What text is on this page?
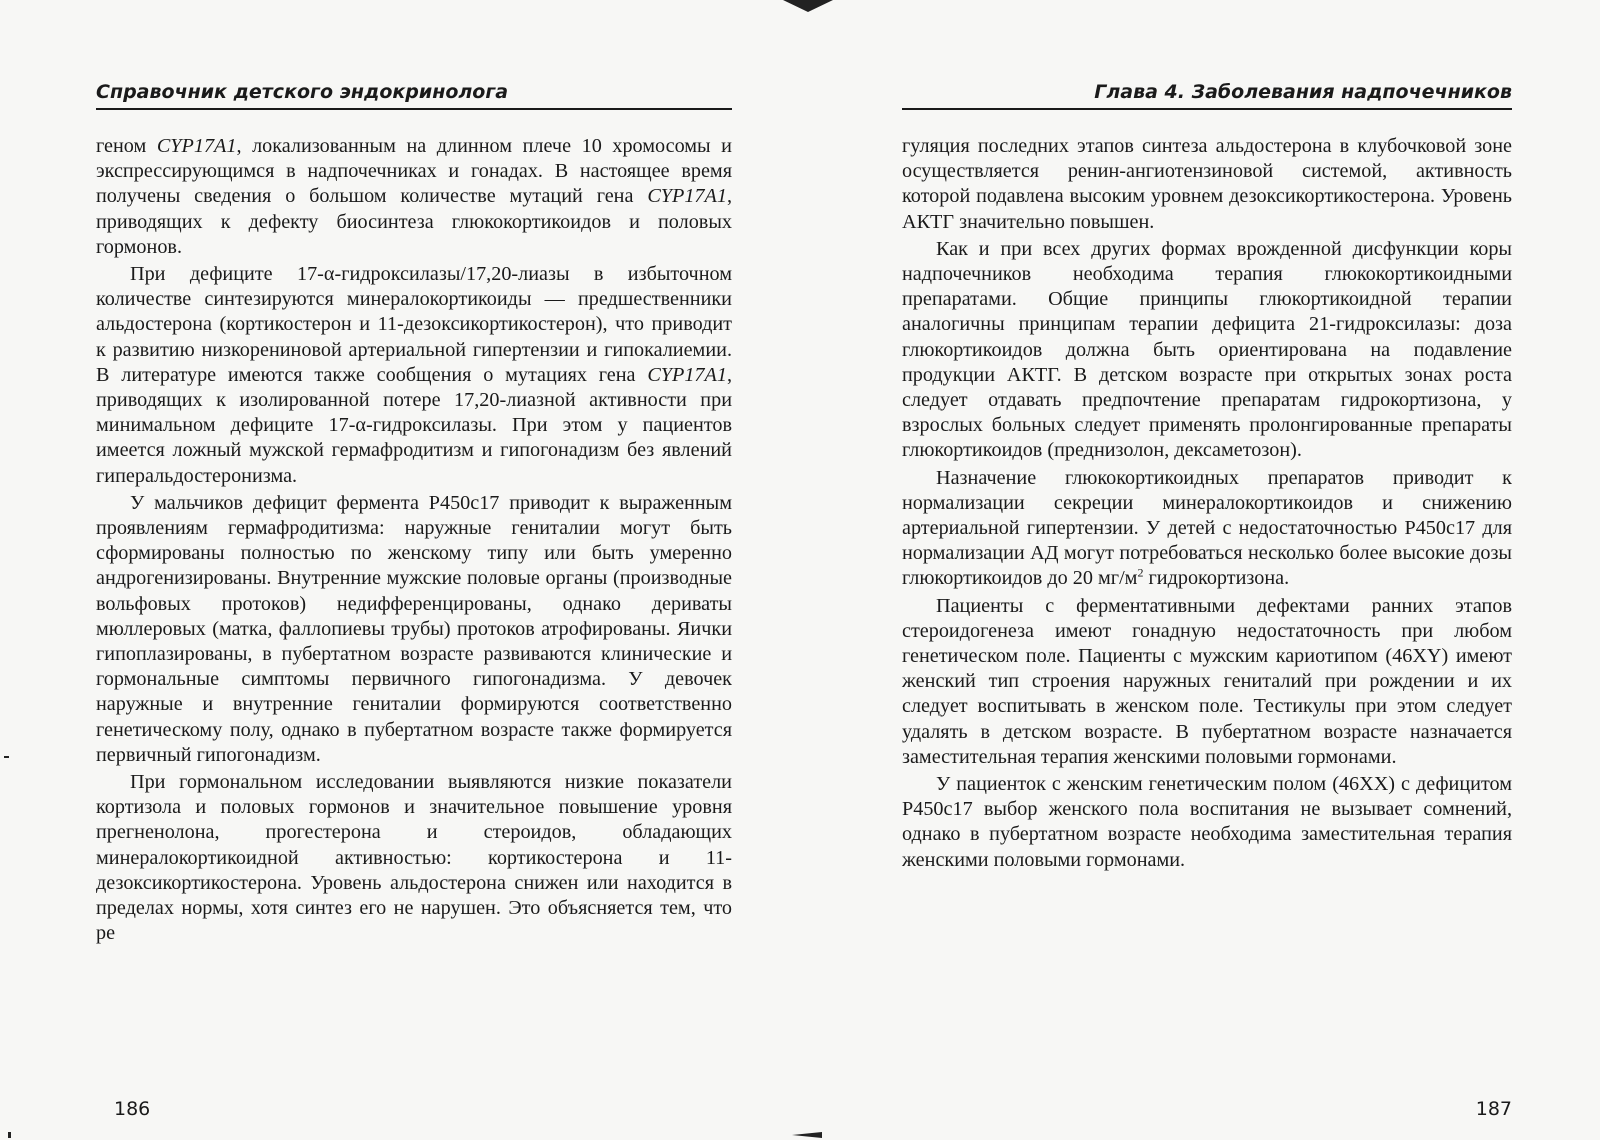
Справочник детского эндокринолога

геном CYP17A1, локализованным на длинном плече 10 хромосомы и экспрессирующимся в надпочечниках и гонадах. В настоящее время получены сведения о большом количестве мутаций гена CYP17A1, приводящих к дефекту биосинтеза глюкокортикоидов и половых гормонов.

При дефиците 17-α-гидроксилазы/17,20-лиазы в избыточном количестве синтезируются минералокортикоиды — предшественники альдостерона (кортикостерон и 11-дезоксикортикостерон), что приводит к развитию низкорениновой артериальной гипертензии и гипокалиемии. В литературе имеются также сообщения о мутациях гена CYP17A1, приводящих к изолированной потере 17,20-лиазной активности при минимальном дефиците 17-α-гидроксилазы. При этом у пациентов имеется ложный мужской гермафродитизм и гипогонадизм без явлений гиперальдостеронизма.

У мальчиков дефицит фермента P450c17 приводит к выраженным проявлениям гермафродитизма: наружные гениталии могут быть сформированы полностью по женскому типу или быть умеренно андрогенизированы. Внутренние мужские половые органы (производные вольфовых протоков) недифференцированы, однако дериваты мюллеровых (матка, фаллопиевы трубы) протоков атрофированы. Яички гипоплазированы, в пубертатном возрасте развиваются клинические и гормональные симптомы первичного гипогонадизма. У девочек наружные и внутренние гениталии формируются соответственно генетическому полу, однако в пубертатном возрасте также формируется первичный гипогонадизм.

При гормональном исследовании выявляются низкие показатели кортизола и половых гормонов и значительное повышение уровня прегненолона, прогестерона и стероидов, обладающих минералокортикоидной активностью: кортикостерона и 11-дезоксикортикостерона. Уровень альдостерона снижен или находится в пределах нормы, хотя синтез его не нарушен. Это объясняется тем, что ре

186
Глава 4. Заболевания надпочечников

гуляция последних этапов синтеза альдостерона в клубочковой зоне осуществляется ренин-ангиотензиновой системой, активность которой подавлена высоким уровнем дезоксикортикостерона. Уровень АКТГ значительно повышен.

Как и при всех других формах врожденной дисфункции коры надпочечников необходима терапия глюкокортикоидными препаратами. Общие принципы глюкортикоидной терапии аналогичны принципам терапии дефицита 21-гидроксилазы: доза глюкортикоидов должна быть ориентирована на подавление продукции АКТГ. В детском возрасте при открытых зонах роста следует отдавать предпочтение препаратам гидрокортизона, у взрослых больных следует применять пролонгированные препараты глюкортикоидов (преднизолон, дексаметозон).

Назначение глюкокортикоидных препаратов приводит к нормализации секреции минералокортикоидов и снижению артериальной гипертензии. У детей с недостаточностью P450c17 для нормализации АД могут потребоваться несколько более высокие дозы глюкортикоидов до 20 $мг/м^2$ гидрокортизона.

Пациенты с ферментативными дефектами ранних этапов стероидогенеза имеют гонадную недостаточность при любом генетическом поле. Пациенты с мужским кариотипом (46XY) имеют женский тип строения наружных гениталий при рождении и их следует воспитывать в женском поле. Тестикулы при этом следует удалять в детском возрасте. В пубертатном возрасте назначается заместительная терапия женскими половыми гормонами.

У пациенток с женским генетическим полом (46XX) с дефицитом P450c17 выбор женского пола воспитания не вызывает сомнений, однако в пубертатном возрасте необходима заместительная терапия женскими половыми гормонами.

187
